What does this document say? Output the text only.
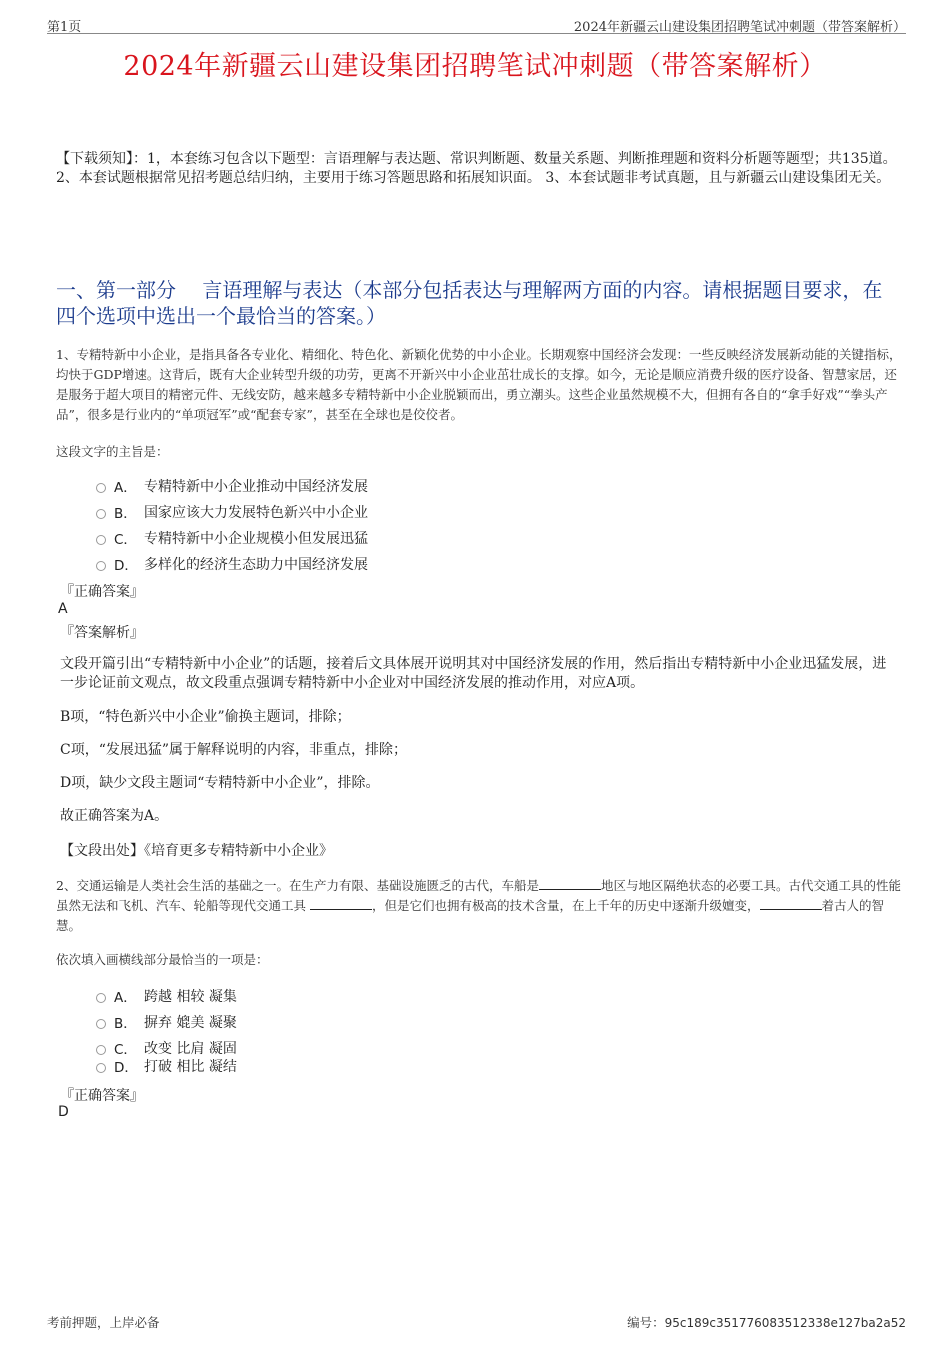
第1页	2024年新疆云山建设集团招聘笔试冲刺题（带答案解析）
2024年新疆云山建设集团招聘笔试冲刺题（带答案解析）
【下载须知】：1，本套练习包含以下题型：言语理解与表达题、常识判断题、数量关系题、判断推理题和资料分析题等题型；共135道。 2、本套试题根据常见招考题总结归纳，主要用于练习答题思路和拓展知识面。 3、本套试题非考试真题，且与新疆云山建设集团无关。
一、第一部分　 言语理解与表达（本部分包括表达与理解两方面的内容。请根据题目要求，在四个选项中选出一个最恰当的答案。）
1、专精特新中小企业，是指具备各专业化、精细化、特色化、新颖化优势的中小企业。长期观察中国经济会发现：一些反映经济发展新动能的关键指标，均快于GDP增速。这背后，既有大企业转型升级的功劳，更离不开新兴中小企业茁壮成长的支撑。如今，无论是顺应消费升级的医疗设备、智慧家居，还是服务于超大项目的精密元件、无线安防，越来越多专精特新中小企业脱颖而出，勇立潮头。这些企业虽然规模不大，但拥有各自的“拿手好戏”“拳头产品”，很多是行业内的“单项冠军”或“配套专家”，甚至在全球也是佼佼者。
这段文字的主旨是：
A． 专精特新中小企业推动中国经济发展
B． 国家应该大力发展特色新兴中小企业
C． 专精特新中小企业规模小但发展迅猛
D． 多样化的经济生态助力中国经济发展
『正确答案』
A
『答案解析』
文段开篇引出“专精特新中小企业”的话题，接着后文具体展开说明其对中国经济发展的作用，然后指出专精特新中小企业迅猛发展，进一步论证前文观点，故文段重点强调专精特新中小企业对中国经济发展的推动作用，对应A项。
B项，“特色新兴中小企业”偷换主题词，排除；
C项，“发展迅猛”属于解释说明的内容，非重点，排除；
D项，缺少文段主题词“专精特新中小企业”，排除。
故正确答案为A。
【文段出处】《培育更多专精特新中小企业》
2、交通运输是人类社会生活的基础之一。在生产力有限、基础设施匮乏的古代，车船是	地区与地区隔绝状态的必要工具。古代交通工具的性能虽然无法和飞机、汽车、轮船等现代交通工具	，但是它们也拥有极高的技术含量，在上千年的历史中逐渐升级嬗变，	着古人的智慧。
依次填入画横线部分最恰当的一项是：
A． 跨越 相较 凝集
B． 摒弃 媲美 凝聚
C． 改变 比肩 凝固
D． 打破 相比 凝结
『正确答案』
D
考前押题，上岸必备	编号：95c189c351776083512338e127ba2a52
